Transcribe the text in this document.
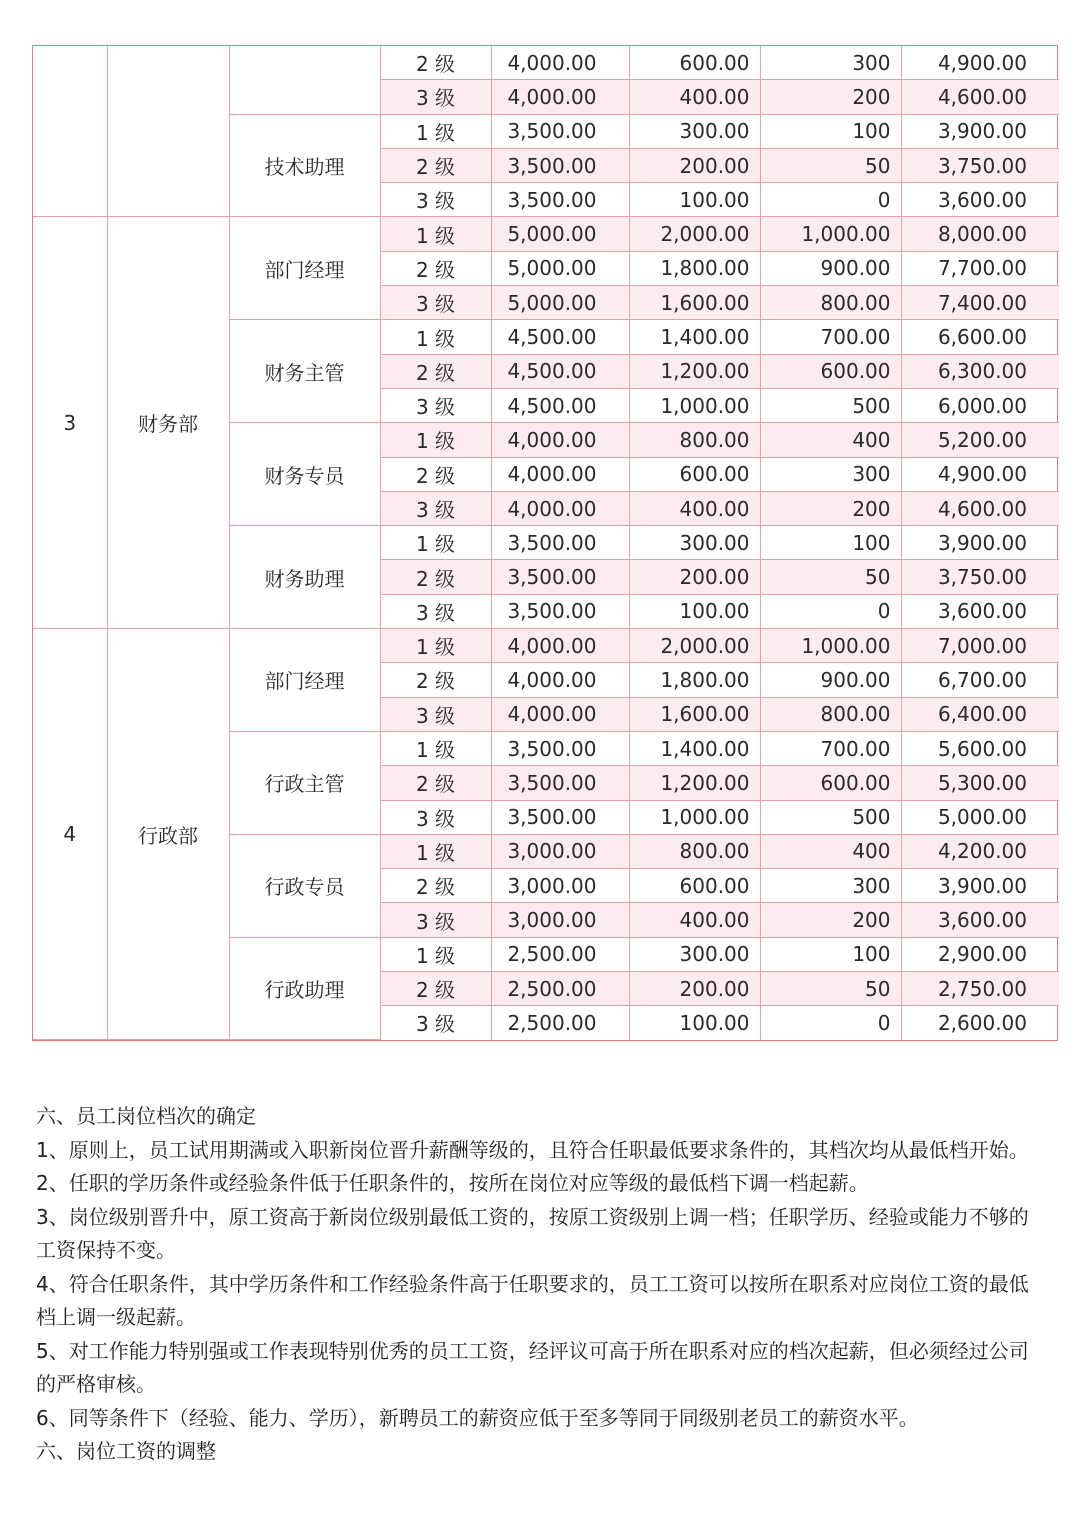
			2 级	4,000.00	600.00	300	4,900.00
			3 级	4,000.00	400.00	200	4,600.00
		技术助理	1 级	3,500.00	300.00	100	3,900.00
			2 级	3,500.00	200.00	50	3,750.00
			3 级	3,500.00	100.00	0	3,600.00
3	财务部	部门经理	1 级	5,000.00	2,000.00	1,000.00	8,000.00
			2 级	5,000.00	1,800.00	900.00	7,700.00
			3 级	5,000.00	1,600.00	800.00	7,400.00
		财务主管	1 级	4,500.00	1,400.00	700.00	6,600.00
			2 级	4,500.00	1,200.00	600.00	6,300.00
			3 级	4,500.00	1,000.00	500	6,000.00
		财务专员	1 级	4,000.00	800.00	400	5,200.00
			2 级	4,000.00	600.00	300	4,900.00
			3 级	4,000.00	400.00	200	4,600.00
		财务助理	1 级	3,500.00	300.00	100	3,900.00
			2 级	3,500.00	200.00	50	3,750.00
			3 级	3,500.00	100.00	0	3,600.00
4	行政部	部门经理	1 级	4,000.00	2,000.00	1,000.00	7,000.00
			2 级	4,000.00	1,800.00	900.00	6,700.00
			3 级	4,000.00	1,600.00	800.00	6,400.00
		行政主管	1 级	3,500.00	1,400.00	700.00	5,600.00
			2 级	3,500.00	1,200.00	600.00	5,300.00
			3 级	3,500.00	1,000.00	500	5,000.00
		行政专员	1 级	3,000.00	800.00	400	4,200.00
			2 级	3,000.00	600.00	300	3,900.00
			3 级	3,000.00	400.00	200	3,600.00
		行政助理	1 级	2,500.00	300.00	100	2,900.00
			2 级	2,500.00	200.00	50	2,750.00
			3 级	2,500.00	100.00	0	2,600.00

六、员工岗位档次的确定

1、原则上，员工试用期满或入职新岗位晋升薪酬等级的，且符合任职最低要求条件的，其档次均从最低档开始。

2、任职的学历条件或经验条件低于任职条件的，按所在岗位对应等级的最低档下调一档起薪。

3、岗位级别晋升中，原工资高于新岗位级别最低工资的，按原工资级别上调一档；任职学历、经验或能力不够的工资保持不变。

4、符合任职条件，其中学历条件和工作经验条件高于任职要求的，员工工资可以按所在职系对应岗位工资的最低档上调一级起薪。

5、对工作能力特别强或工作表现特别优秀的员工工资，经评议可高于所在职系对应的档次起薪，但必须经过公司的严格审核。

6、同等条件下（经验、能力、学历），新聘员工的薪资应低于至多等同于同级别老员工的薪资水平。

六、岗位工资的调整
